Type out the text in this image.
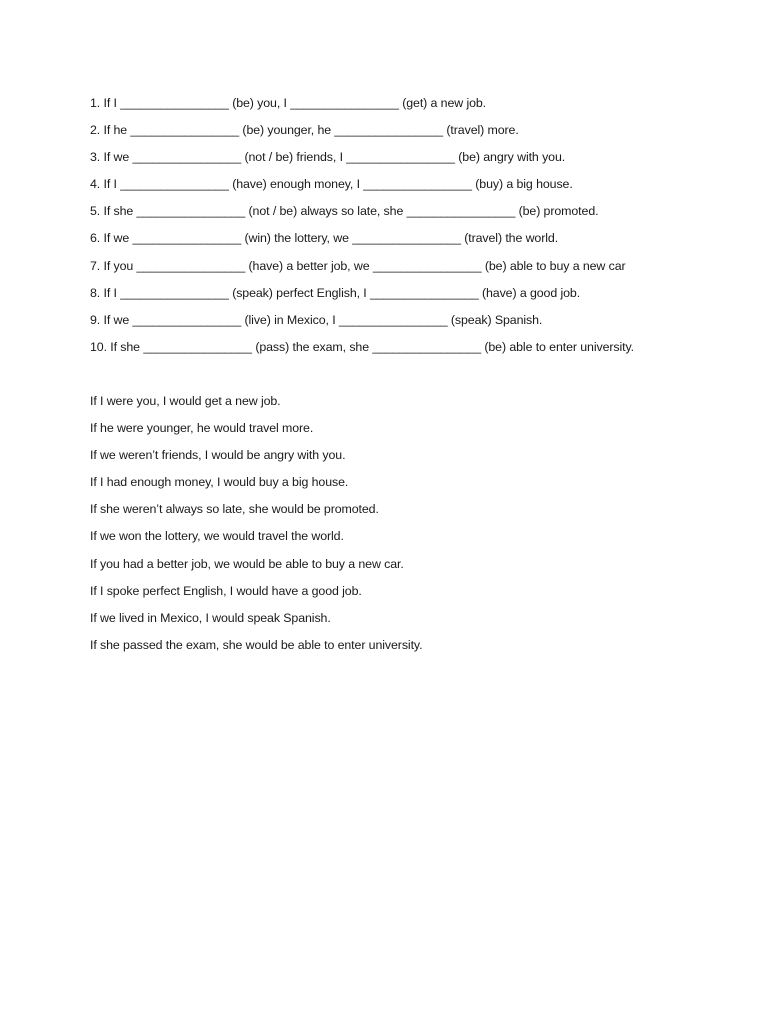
1. If I ________________ (be) you, I ________________ (get) a new job.
2. If he ________________ (be) younger, he ________________ (travel) more.
3. If we ________________ (not / be) friends, I ________________ (be) angry with you.
4. If I ________________ (have) enough money, I ________________ (buy) a big house.
5. If she ________________ (not / be) always so late, she ________________ (be) promoted.
6. If we ________________ (win) the lottery, we ________________ (travel) the world.
7. If you ________________ (have) a better job, we ________________ (be) able to buy a new car
8. If I ________________ (speak) perfect English, I ________________ (have) a good job.
9. If we ________________ (live) in Mexico, I ________________ (speak) Spanish.
10. If she ________________ (pass) the exam, she ________________ (be) able to enter university.
If I were you, I would get a new job.
If he were younger, he would travel more.
If we weren’t friends, I would be angry with you.
If I had enough money, I would buy a big house.
If she weren’t always so late, she would be promoted.
If we won the lottery, we would travel the world.
If you had a better job, we would be able to buy a new car.
If I spoke perfect English, I would have a good job.
If we lived in Mexico, I would speak Spanish.
If she passed the exam, she would be able to enter university.
